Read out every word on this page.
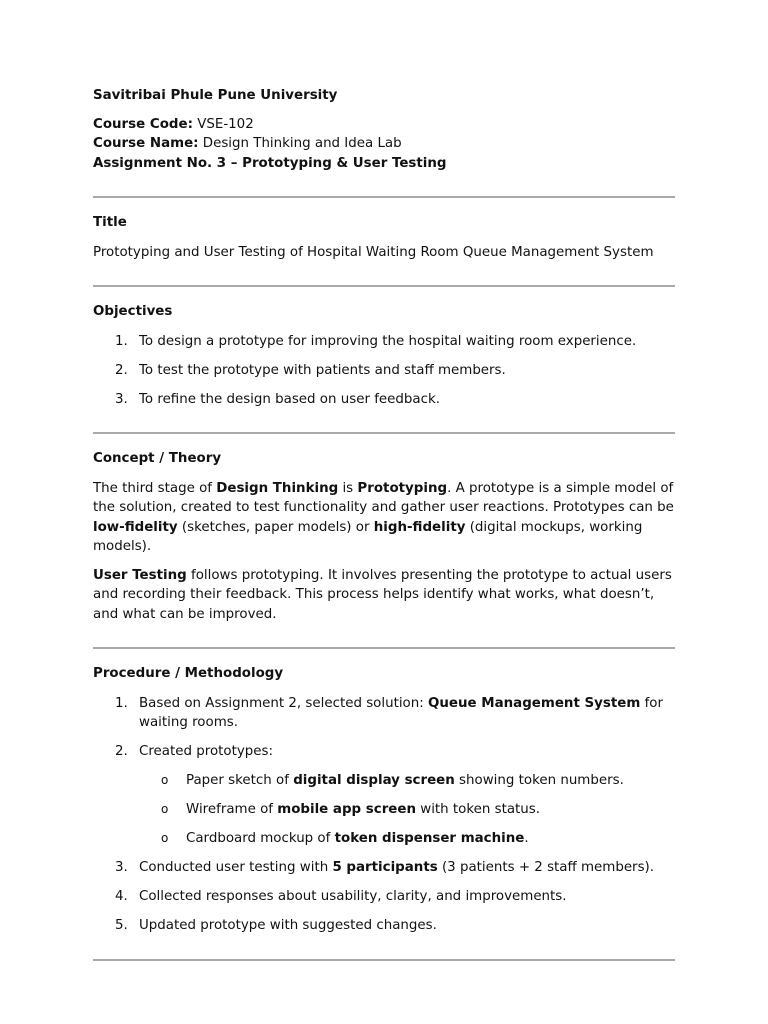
Savitribai Phule Pune University

Course Code: VSE-102

Course Name: Design Thinking and Idea Lab

Assignment No. 3 – Prototyping & User Testing

Title

Prototyping and User Testing of Hospital Waiting Room Queue Management System

Objectives

1. To design a prototype for improving the hospital waiting room experience.
2. To test the prototype with patients and staff members.
3. To refine the design based on user feedback.

Concept / Theory

The third stage of Design Thinking is Prototyping. A prototype is a simple model of the solution, created to test functionality and gather user reactions. Prototypes can be low-fidelity (sketches, paper models) or high-fidelity (digital mockups, working models).

User Testing follows prototyping. It involves presenting the prototype to actual users and recording their feedback. This process helps identify what works, what doesn’t, and what can be improved.

Procedure / Methodology

1. Based on Assignment 2, selected solution: Queue Management System for waiting rooms.
2. Created prototypes:
o Paper sketch of digital display screen showing token numbers.
o Wireframe of mobile app screen with token status.
o Cardboard mockup of token dispenser machine.
3. Conducted user testing with 5 participants (3 patients + 2 staff members).
4. Collected responses about usability, clarity, and improvements.
5. Updated prototype with suggested changes.
